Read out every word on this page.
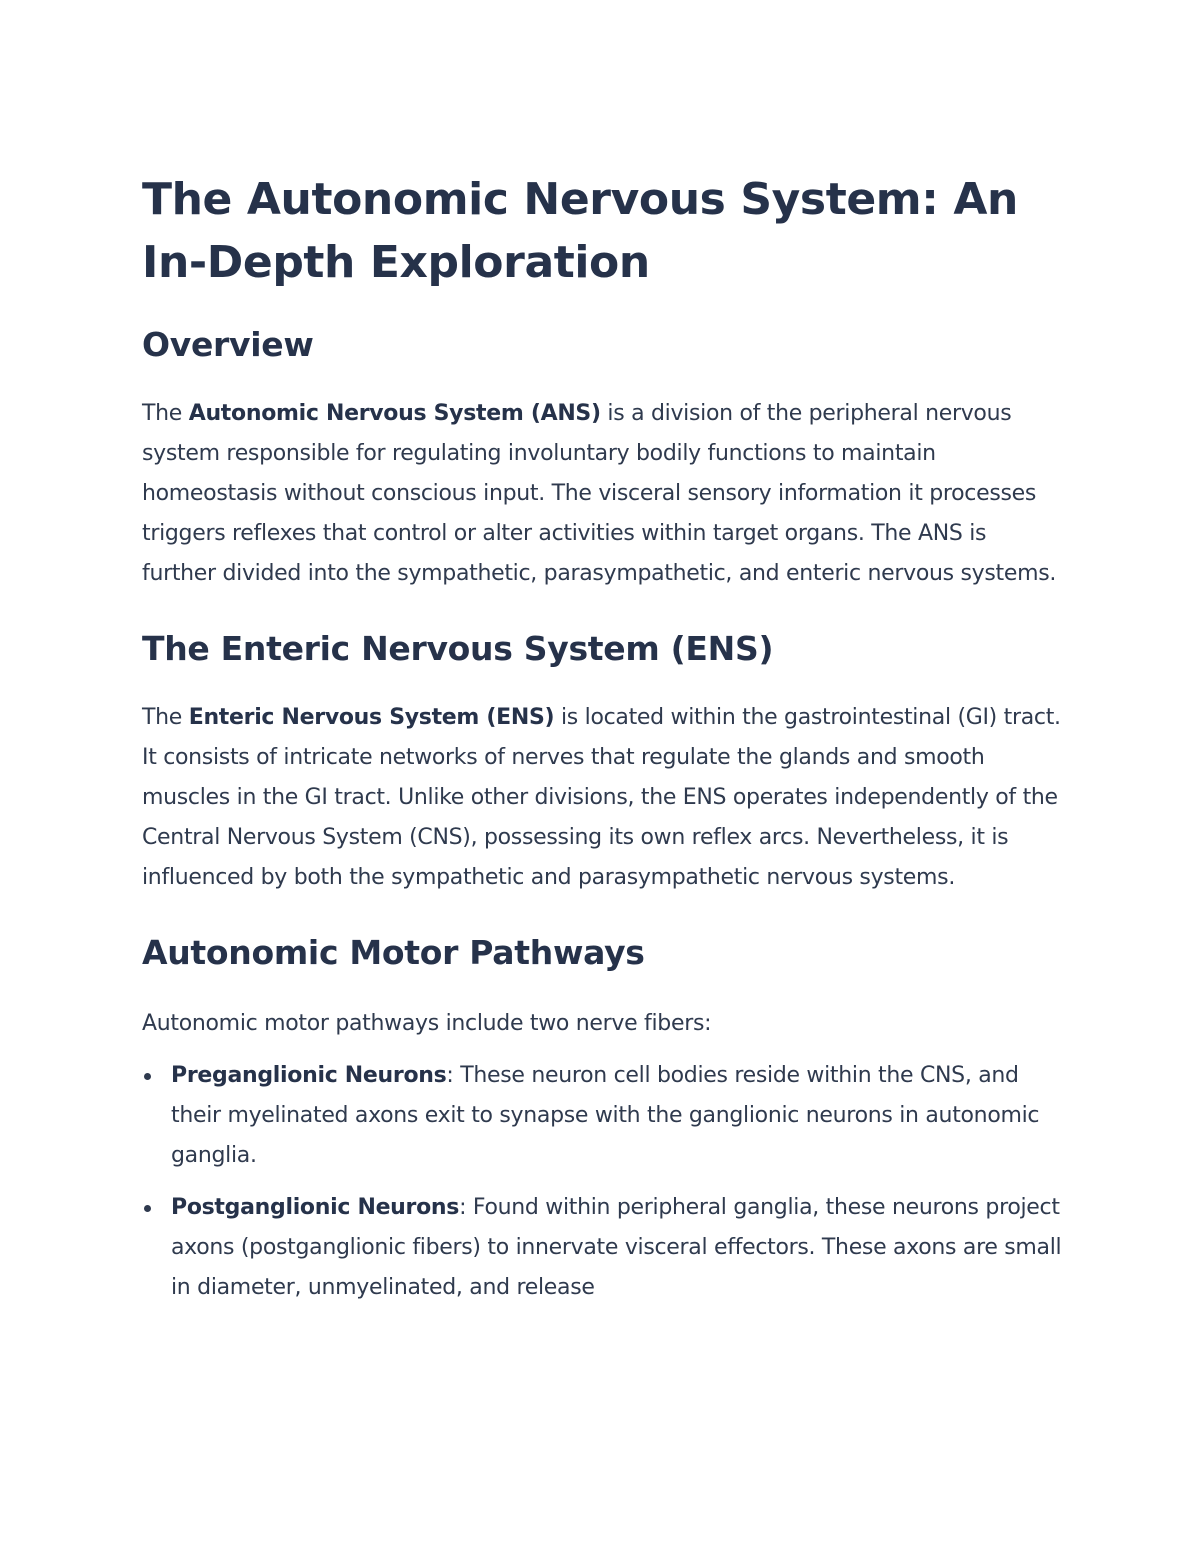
The Autonomic Nervous System: An In-Depth Exploration
Overview

The Autonomic Nervous System (ANS) is a division of the peripheral nervous system responsible for regulating involuntary bodily functions to maintain homeostasis without conscious input. The visceral sensory information it processes triggers reflexes that control or alter activities within target organs. The ANS is further divided into the sympathetic, parasympathetic, and enteric nervous systems.

The Enteric Nervous System (ENS)

The Enteric Nervous System (ENS) is located within the gastrointestinal (GI) tract. It consists of intricate networks of nerves that regulate the glands and smooth muscles in the GI tract. Unlike other divisions, the ENS operates independently of the Central Nervous System (CNS), possessing its own reflex arcs. Nevertheless, it is influenced by both the sympathetic and parasympathetic nervous systems.

Autonomic Motor Pathways

Autonomic motor pathways include two nerve fibers:

Preganglionic Neurons: These neuron cell bodies reside within the CNS, and their myelinated axons exit to synapse with the ganglionic neurons in autonomic ganglia.
Postganglionic Neurons: Found within peripheral ganglia, these neurons project axons (postganglionic fibers) to innervate visceral effectors. These axons are small in diameter, unmyelinated, and release
